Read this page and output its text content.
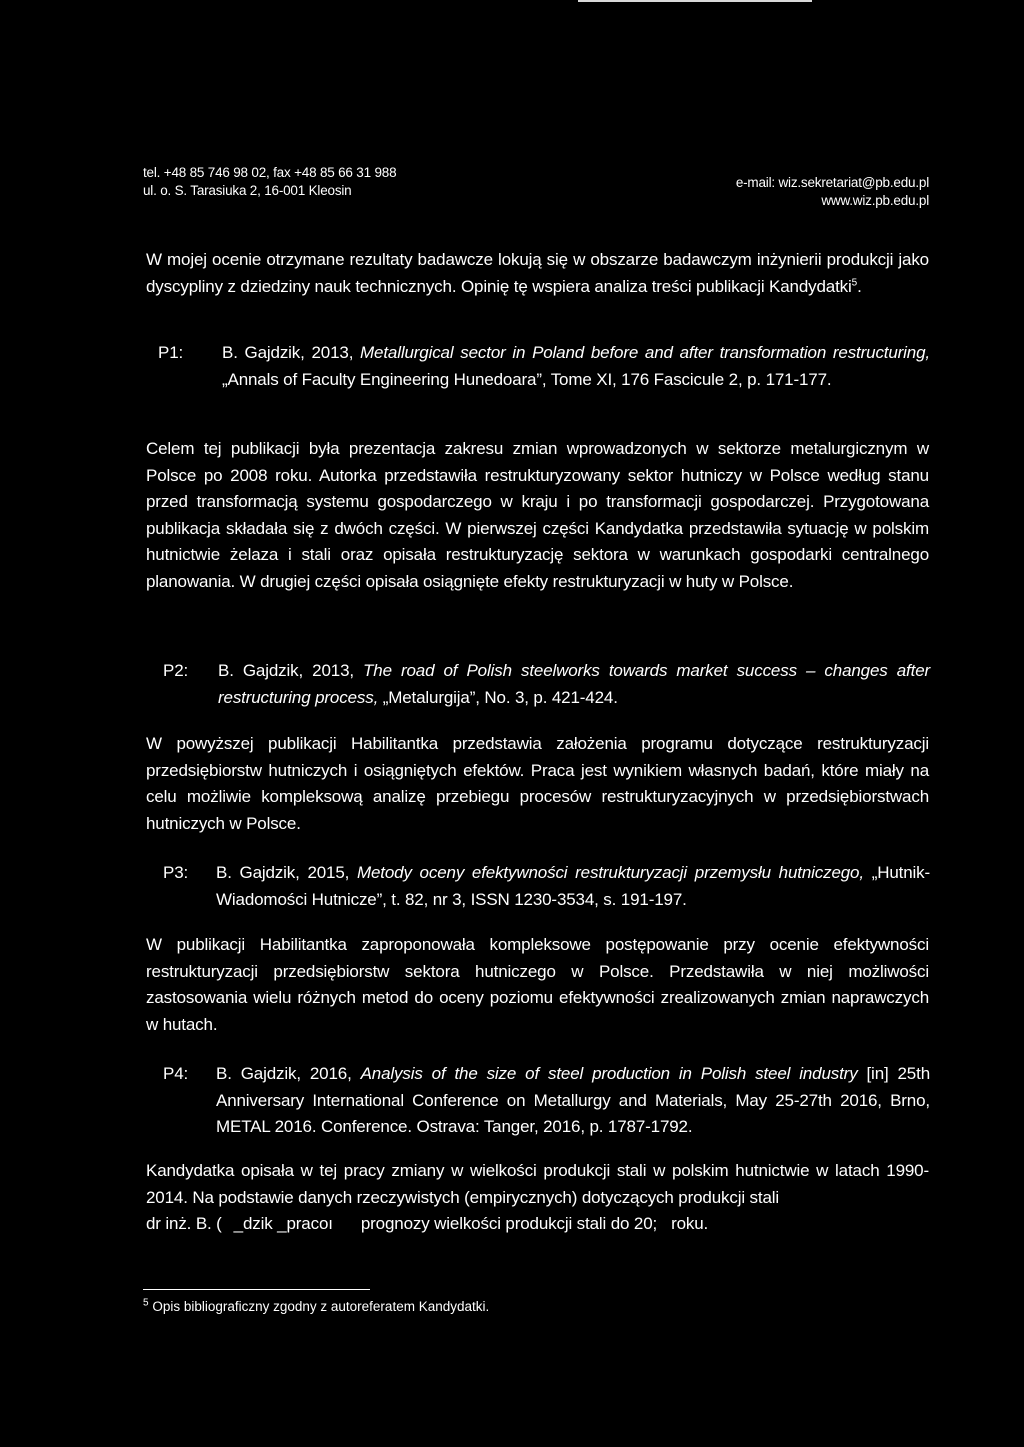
tel. +48 85 746 98 02, fax +48 85 66 31 988
ul. o. S. Tarasiuka 2, 16-001 Kleosin
e-mail: wiz.sekretariat@pb.edu.pl
www.wiz.pb.edu.pl
W mojej ocenie otrzymane rezultaty badawcze lokują się w obszarze badawczym inżynierii produkcji jako dyscypliny z dziedziny nauk technicznych. Opinię tę wspiera analiza treści publikacji Kandydatki$^5$.
P1: B. Gajdzik, 2013, Metallurgical sector in Poland before and after transformation restructuring, „Annals of Faculty Engineering Hunedoara”, Tome XI, 176 Fascicule 2, p. 171-177.
Celem tej publikacji była prezentacja zakresu zmian wprowadzonych w sektorze metalurgicznym w Polsce po 2008 roku. Autorka przedstawiła restrukturyzowany sektor hutniczy w Polsce według stanu przed transformacją systemu gospodarczego w kraju i po transformacji gospodarczej. Przygotowana publikacja składała się z dwóch części. W pierwszej części Kandydatka przedstawiła sytuację w polskim hutnictwie żelaza i stali oraz opisała restrukturyzację sektora w warunkach gospodarki centralnego planowania. W drugiej części opisała osiągnięte efekty restrukturyzacji w huty w Polsce.
P2: B. Gajdzik, 2013, The road of Polish steelworks towards market success – changes after restructuring process, „Metalurgija”, No. 3, p. 421-424.
W powyższej publikacji Habilitantka przedstawia założenia programu dotyczące restrukturyzacji przedsiębiorstw hutniczych i osiągniętych efektów. Praca jest wynikiem własnych badań, które miały na celu możliwie kompleksową analizę przebiegu procesów restrukturyzacyjnych w przedsiębiorstwach hutniczych w Polsce.
P3: B. Gajdzik, 2015, Metody oceny efektywności restrukturyzacji przemysłu hutniczego, „Hutnik-Wiadomości Hutnicze”, t. 82, nr 3, ISSN 1230-3534, s. 191-197.
W publikacji Habilitantka zaproponowała kompleksowe postępowanie przy ocenie efektywności restrukturyzacji przedsiębiorstw sektora hutniczego w Polsce. Przedstawiła w niej możliwości zastosowania wielu różnych metod do oceny poziomu efektywności zrealizowanych zmian naprawczych w hutach.
P4: B. Gajdzik, 2016, Analysis of the size of steel production in Polish steel industry [in] 25th Anniversary International Conference on Metallurgy and Materials, May 25-27th 2016, Brno, METAL 2016. Conference. Ostrava: Tanger, 2016, p. 1787-1792.
Kandydatka opisała w tej pracy zmiany w wielkości produkcji stali w polskim hutnictwie w latach 1990-2014. Na podstawie danych rzeczywistych (empirycznych) dotyczących produkcji stali
dr inż. B. ( _dzik _pracoı prognozy wielkości produkcji stali do 20; roku.
$^5$ Opis bibliograficzny zgodny z autoreferatem Kandydatki.
